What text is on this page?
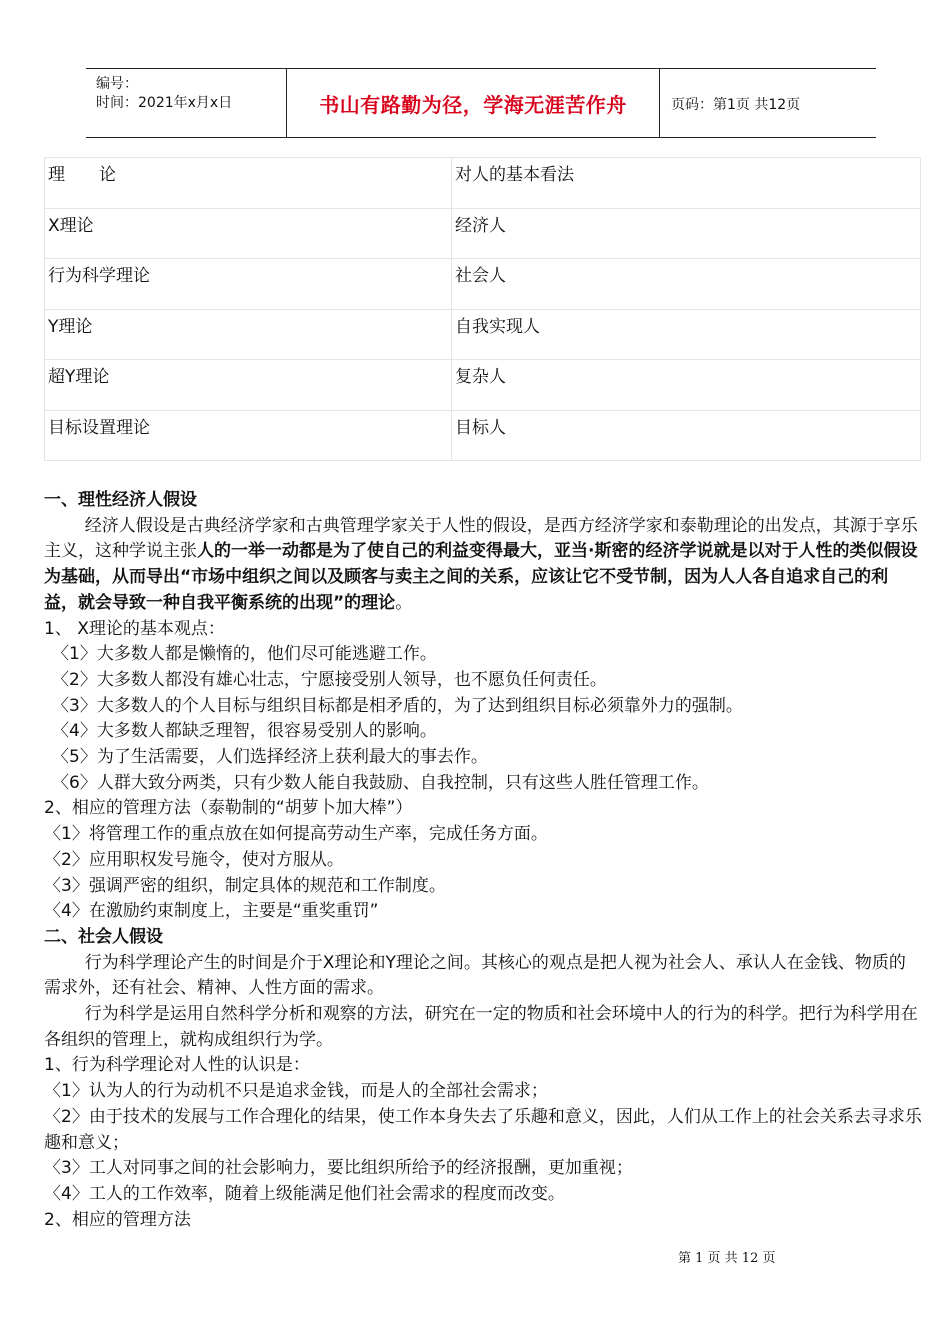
编号：
时间：2021年x月x日	书山有路勤为径，学海无涯苦作舟	页码：第1页 共12页
理　　论	对人的基本看法
X理论	经济人
行为科学理论	社会人
Y理论	自我实现人
超Y理论	复杂人
目标设置理论	目标人

一、理性经济人假设

经济人假设是古典经济学家和古典管理学家关于人性的假设，是西方经济学家和泰勒理论的出发点，其源于享乐主义，这种学说主张人的一举一动都是为了使自己的利益变得最大，亚当·斯密的经济学说就是以对于人性的类似假设为基础，从而导出“市场中组织之间以及顾客与卖主之间的关系，应该让它不受节制，因为人人各自追求自己的利益，就会导致一种自我平衡系统的出现”的理论。

1、 X理论的基本观点：

〈1〉大多数人都是懒惰的，他们尽可能逃避工作。

〈2〉大多数人都没有雄心壮志，宁愿接受别人领导，也不愿负任何责任。

〈3〉大多数人的个人目标与组织目标都是相矛盾的，为了达到组织目标必须靠外力的强制。

〈4〉大多数人都缺乏理智，很容易受别人的影响。

〈5〉为了生活需要，人们选择经济上获利最大的事去作。

〈6〉人群大致分两类，只有少数人能自我鼓励、自我控制，只有这些人胜任管理工作。

2、相应的管理方法（泰勒制的“胡萝卜加大棒”）

〈1〉将管理工作的重点放在如何提高劳动生产率，完成任务方面。

〈2〉应用职权发号施令，使对方服从。

〈3〉强调严密的组织，制定具体的规范和工作制度。

〈4〉在激励约束制度上，主要是“重奖重罚”

二、社会人假设

行为科学理论产生的时间是介于X理论和Y理论之间。其核心的观点是把人视为社会人、承认人在金钱、物质的需求外，还有社会、精神、人性方面的需求。

行为科学是运用自然科学分析和观察的方法，研究在一定的物质和社会环境中人的行为的科学。把行为科学用在各组织的管理上，就构成组织行为学。

1、行为科学理论对人性的认识是：

〈1〉认为人的行为动机不只是追求金钱，而是人的全部社会需求；

〈2〉由于技术的发展与工作合理化的结果，使工作本身失去了乐趣和意义，因此，人们从工作上的社会关系去寻求乐趣和意义；

〈3〉工人对同事之间的社会影响力，要比组织所给予的经济报酬，更加重视；

〈4〉工人的工作效率，随着上级能满足他们社会需求的程度而改变。

2、相应的管理方法

第 1 页 共 12 页
